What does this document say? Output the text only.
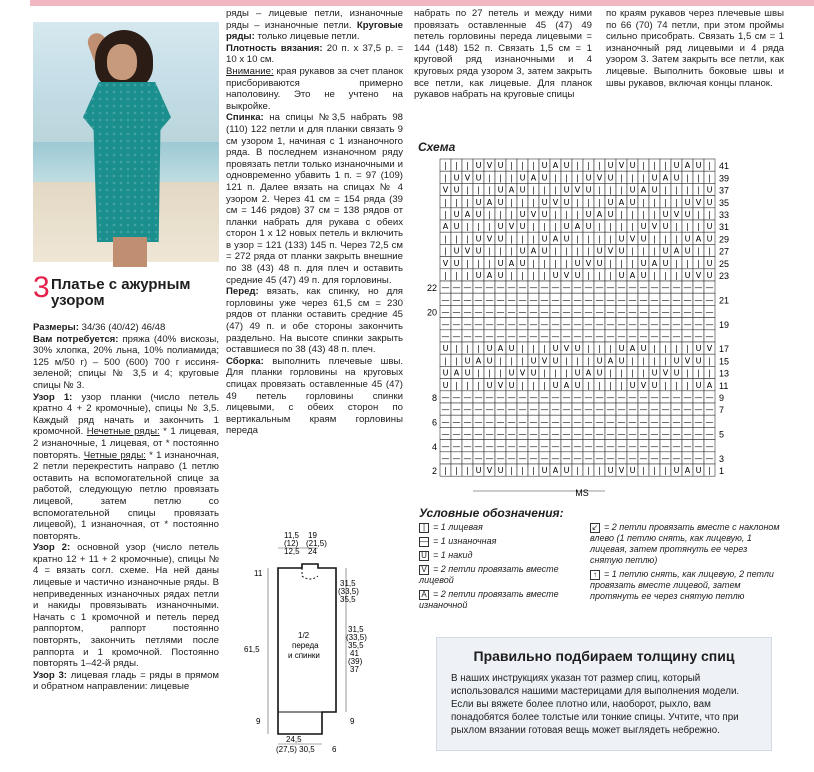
3 Платье с ажурным узором

Размеры: 34/36 (40/42) 46/48

Вам потребуется: пряжа (40% вискозы, 30% хлопка, 20% льна, 10% полиамида; 125 м/50 г) – 500 (600) 700 г иссиня-зеленой; спицы № 3,5 и 4; круговые спицы № 3.

Узор 1: узор планки (число петель кратно 4 + 2 кромочные), спицы № 3,5. Каждый ряд начать и закончить 1 кромочной. Нечетные ряды: * 1 лицевая, 2 изнаночные, 1 лицевая, от * постоянно повторять. Четные ряды: * 1 изнаночная, 2 петли перекрестить направо (1 петлю оставить на вспомогательной спице за работой, следующую петлю провязать лицевой, затем петлю со вспомогательной спицы провязать лицевой), 1 изнаночная, от * постоянно повторять.

Узор 2: основной узор (число петель кратно 12 + 11 + 2 кромочные), спицы № 4 = вязать согл. схеме. На ней даны лицевые и частично изнаночные ряды. В неприведенных изнаночных рядах петли и накиды провязывать изнаночными. Начать с 1 кромочной и петель перед раппортом, раппорт постоянно повторять, закончить петлями после раппорта и 1 кромочной. Постоянно повторять 1–42-й ряды.

Узор 3: лицевая гладь = ряды в прямом и обратном направлении: лицевые

ряды – лицевые петли, изнаночные ряды – изнаночные петли. Круговые ряды: только лицевые петли.

Плотность вязания: 20 п. х 37,5 р. = 10 х 10 см.

Внимание: края рукавов за счет планок присбориваются примерно наполовину. Это не учтено на выкройке.

Спинка: на спицы №3,5 набрать 98 (110) 122 петли и для планки связать 9 см узором 1, начиная с 1 изнаночного ряда. В последнем изнаночном ряду провязать петли только изнаночными и одновременно убавить 1 п. = 97 (109) 121 п. Далее вязать на спицах № 4 узором 2. Через 41 см = 154 ряда (39 см = 146 рядов) 37 см = 138 рядов от планки набрать для рукава с обеих сторон 1 х 12 новых петель и включить в узор = 121 (133) 145 п. Через 72,5 см = 272 ряда от планки закрыть внешние по 38 (43) 48 п. для плеч и оставить средние 45 (47) 49 п. для горловины.

Перед: вязать, как спинку, но для горловины уже через 61,5 см = 230 рядов от планки оставить средние 45 (47) 49 п. и обе стороны закончить раздельно. На высоте спинки закрыть оставшиеся по 38 (43) 48 п. плеч.

Сборка: выполнить плечевые швы. Для планки горловины на круговых спицах провязать оставленные 45 (47) 49 петель горловины спинки лицевыми, с обеих сторон по вертикальным краям горловины переда

набрать по 27 петель и между ними провязать оставленные 45 (47) 49 петель горловины переда лицевыми = 144 (148) 152 п. Связать 1,5 см = 1 круговой ряд изнаночными и 4 круговых ряда узором 3, затем закрыть все петли, как лицевые. Для планок рукавов набрать на круговые спицы

по краям рукавов через плечевые швы по 66 (70) 74 петли, при этом проймы сильно присобрать. Связать 1,5 см = 1 изнаночный ряд лицевыми и 4 ряда узором 3. Затем закрыть все петли, как лицевые. Выполнить боковые швы и швы рукавов, включая концы планок.

Схема
| | | U V U | | | U A U | | | U V U | | | U A U |
| U V U | | | U A U | | | U V U | | | U A U | | |
V U | | | U A U | | | U V U | | | U A U | | | | U
| | | U A U | | | U V U | | | U A U | | | | U V U
| U A U | | | U V U | | | U A U | | | | U V U | |
A U | | | U V U | | | U A U | | | | U V U | | | U
| | | U V U | | | U A U | | | | U V U | | | U A U
| U V U | | | U A U | | | | U V U | | | U A U | |
V U | | | U A U | | | | U V U | | | U A U | | | U
| | | U A U | | | | U V U | | | U A U | | | U V U
— — — — — — — — — — — — — — — — — — — — — — — — —
— — — — — — — — — — — — — — — — — — — — — — — — —
— — — — — — — — — — — — — — — — — — — — — — — — —
— — — — — — — — — — — — — — — — — — — — — — — — —
— — — — — — — — — — — — — — — — — — — — — — — — —
U | | | U A U | | | U V U | | | U A U | | | | U V
| | U A U | | | U V U | | | U A U | | | | U V U |
U A U | | | U V U | | | U A U | | | | U V U | | |
U | | | U V U | | | U A U | | | | U V U | | | U A
— — — — — — — — — — — — — — — — — — — — — — — — —
— — — — — — — — — — — — — — — — — — — — — — — — —
— — — — — — — — — — — — — — — — — — — — — — — — —
— — — — — — — — — — — — — — — — — — — — — — — — —
— — — — — — — — — — — — — — — — — — — — — — — — —
— — — — — — — — — — — — — — — — — — — — — — — — —
| | | U V U | | | U A U | | | U V U | | | U A U |
41
39
37
35
33
31
29
27
25
23
21
19
17
15
13
11
9
7
5
3
1
22
20
8
6
4
2
MS
Условные обозначения:
| = 1 лицевая
— = 1 изнаночная
U = 1 накид
V = 2 петли провязать вместе лицевой
A = 2 петли провязать вместе изнаночной
↙ = 2 петли провязать вместе с наклоном влево (1 петлю снять, как лицевую, 1 лицевая, затем протянуть ее через снятую петлю)
↑ = 1 петлю снять, как лицевую, 2 петли провязать вместе лицевой, затем протянуть ее через снятую петлю
11,5
(12)
12,5
19
(21,5)
24
11
31,5
(33,5)
35,5
31,5
(33,5)
35,5
41
(39)
37
1/2
переда
и спинки
61,5
9	9
24,5
(27,5) 30,5 6
Правильно подбираем толщину спиц
В наших инструкциях указан тот размер спиц, который использовался нашими мастерицами для выполнения модели. Если вы вяжете более плотно или, наоборот, рыхло, вам понадобятся более толстые или тонкие спицы. Учтите, что при рыхлом вязании готовая вещь может выглядеть небрежно.
